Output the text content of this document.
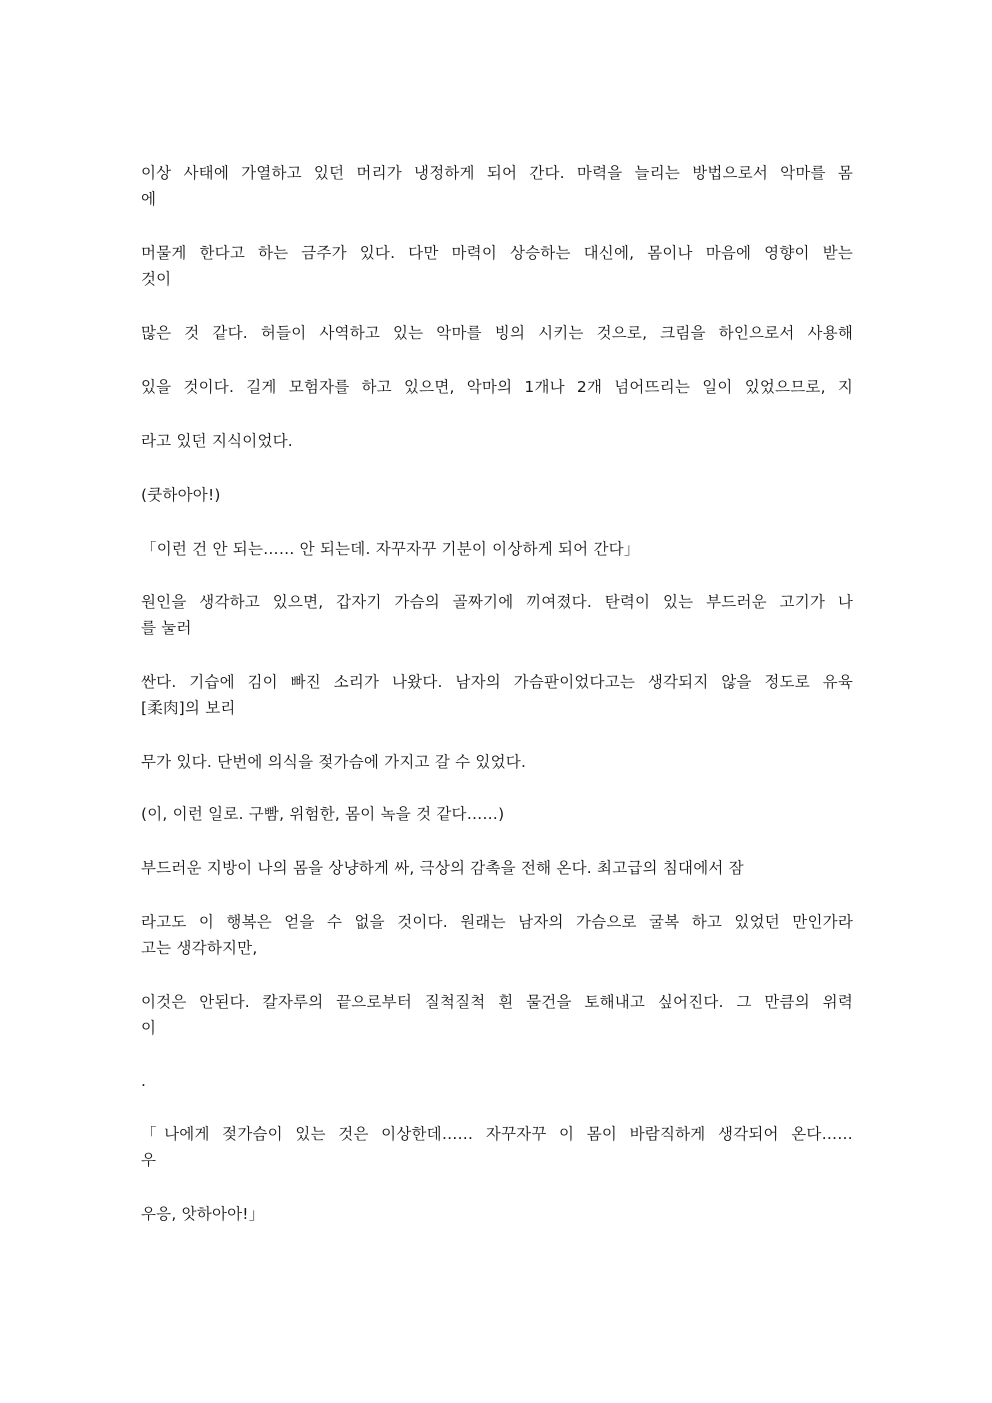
이상 사태에 가열하고 있던 머리가 냉정하게 되어 간다. 마력을 늘리는 방법으로서 악마를 몸
에

머물게 한다고 하는 금주가 있다. 다만 마력이 상승하는 대신에, 몸이나 마음에 영향이 받는
것이

많은 것 같다. 허들이 사역하고 있는 악마를 빙의 시키는 것으로, 크림을 하인으로서 사용해

있을 것이다. 길게 모험자를 하고 있으면, 악마의 1개나 2개 넘어뜨리는 일이 있었으므로, 지

라고 있던 지식이었다.

(쿳하아아!)

「이런 건 안 되는…… 안 되는데. 자꾸자꾸 기분이 이상하게 되어 간다」

원인을 생각하고 있으면, 갑자기 가슴의 골짜기에 끼여졌다. 탄력이 있는 부드러운 고기가 나
를 눌러

싼다. 기습에 김이 빠진 소리가 나왔다. 남자의 가슴판이었다고는 생각되지 않을 정도로 유육
[柔肉]의 보리

무가 있다. 단번에 의식을 젖가슴에 가지고 갈 수 있었다.

(이, 이런 일로. 구빰, 위험한, 몸이 녹을 것 같다……)

부드러운 지방이 나의 몸을 상냥하게 싸, 극상의 감촉을 전해 온다. 최고급의 침대에서 잠

라고도 이 행복은 얻을 수 없을 것이다. 원래는 남자의 가슴으로 굴복 하고 있었던 만인가라
고는 생각하지만,

이것은 안된다. 칼자루의 끝으로부터 질척질척 흰 물건을 토해내고 싶어진다. 그 만큼의 위력
이

.

「나에게 젖가슴이 있는 것은 이상한데…… 자꾸자꾸 이 몸이 바람직하게 생각되어 온다……
우

우응, 앗하아아!」
